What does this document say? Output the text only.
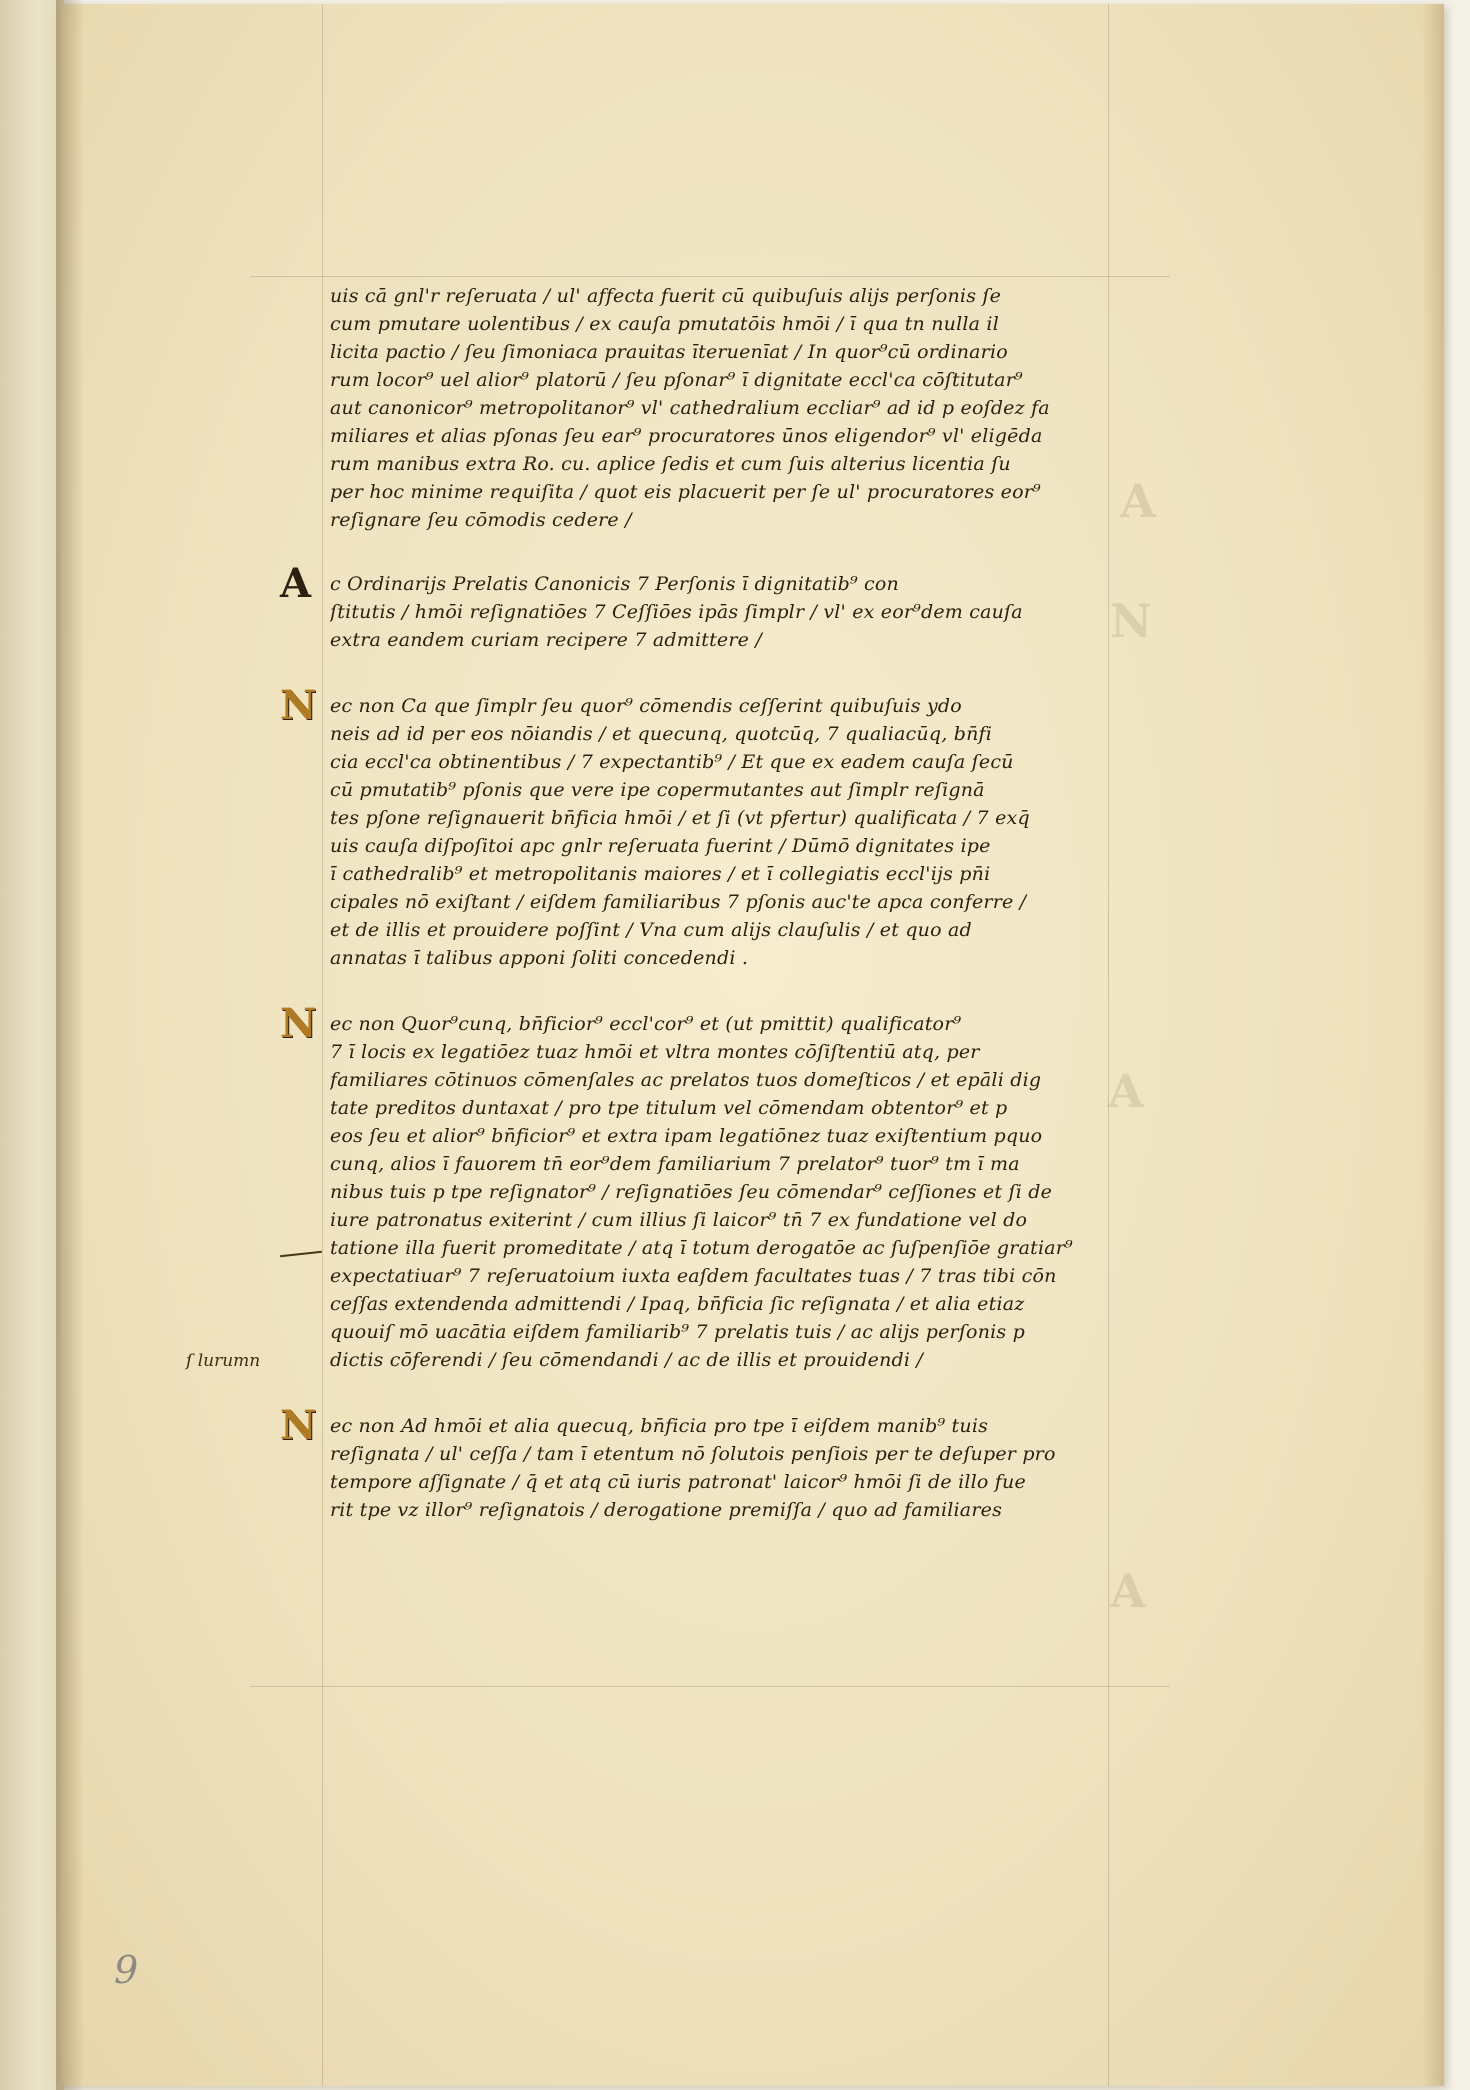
A
N
A
A
ſ lurumn
9
uis cā gnl'r reſeruata / ul' affecta fuerit cū quibuſuis alijs perſonis ſe
cum pmutare uolentibus / ex cauſa pmutatōis hmōi / ī qua tn nulla il
licita pactio / ſeu ſimoniaca prauitas īteruenīat / In quor⁹cū ordinario
rum locor⁹ uel alior⁹ platorū / ſeu pſonar⁹ ī dignitate eccl'ca cōſtitutar⁹
aut canonicor⁹ metropolitanor⁹ vl' cathedralium eccliar⁹ ad id p eoſdez fa
miliares et alias pſonas ſeu ear⁹ procuratores ūnos eligendor⁹ vl' eligēda
rum manibus extra Ro. cu. aplice ſedis et cum ſuis alterius licentia ſu
per hoc minime requiſita / quot eis placuerit per ſe ul' procuratores eor⁹
reſignare ſeu cōmodis cedere /
A c Ordinarijs Prelatis Canonicis 7 Perſonis ī dignitatib⁹ con
ſtitutis / hmōi reſignatiōes 7 Ceſſiōes ipās ſimplr / vl' ex eor⁹dem cauſa
extra eandem curiam recipere 7 admittere /
N ec non Ca que ſimplr ſeu quor⁹ cōmendis ceſſerint quibuſuis ydo
neis ad id per eos nōiandis / et quecunq, quotcūq, 7 qualiacūq, bn̄fi
cia eccl'ca obtinentibus / 7 expectantib⁹ / Et que ex eadem cauſa ſecū
cū pmutatib⁹ pſonis que vere ipe copermutantes aut ſimplr reſignā
tes pſone reſignauerit bn̄ficia hmōi / et ſi (vt pfertur) qualificata / 7 exq̄
uis cauſa diſpoſitoi apc gnlr reſeruata fuerint / Dūmō dignitates ipe
ī cathedralib⁹ et metropolitanis maiores / et ī collegiatis eccl'ijs pn̄i
cipales nō exiſtant / eiſdem familiaribus 7 pſonis auc'te apca conferre /
et de illis et prouidere poſſint / Vna cum alijs clauſulis / et quo ad
annatas ī talibus apponi ſoliti concedendi .
N ec non Quor⁹cunq, bn̄ficior⁹ eccl'cor⁹ et (ut pmittit) qualificator⁹
7 ī locis ex legatiōez tuaz hmōi et vltra montes cōſiſtentiū atq, per
familiares cōtinuos cōmenſales ac prelatos tuos domeſticos / et epāli dig
tate preditos duntaxat / pro tpe titulum vel cōmendam obtentor⁹ et p
eos ſeu et alior⁹ bn̄ficior⁹ et extra ipam legatiōnez tuaz exiſtentium pquo
cunq, alios ī fauorem tn̄ eor⁹dem familiarium 7 prelator⁹ tuor⁹ tm ī ma
nibus tuis p tpe reſignator⁹ / reſignatiōes ſeu cōmendar⁹ ceſſiones et ſi de
iure patronatus exiterint / cum illius ſi laicor⁹ tn̄ 7 ex fundatione vel do
tatione illa fuerit promeditate / atq ī totum derogatōe ac ſuſpenſiōe gratiar⁹
expectatiuar⁹ 7 reſeruatoium iuxta eaſdem facultates tuas / 7 tras tibi cōn
ceſſas extendenda admittendi / Ipaq, bn̄ficia ſic reſignata / et alia etiaz
quouiſ mō uacātia eiſdem familiarib⁹ 7 prelatis tuis / ac alijs perſonis p
dictis cōferendi / ſeu cōmendandi / ac de illis et prouidendi /
N ec non Ad hmōi et alia quecuq, bn̄ficia pro tpe ī eiſdem manib⁹ tuis
reſignata / ul' ceſſa / tam ī etentum nō ſolutois penſiois per te deſuper pro
tempore aſſignate / q̄ et atq cū iuris patronat' laicor⁹ hmōi ſi de illo fue
rit tpe vz illor⁹ reſignatois / derogatione premiſſa / quo ad familiares
